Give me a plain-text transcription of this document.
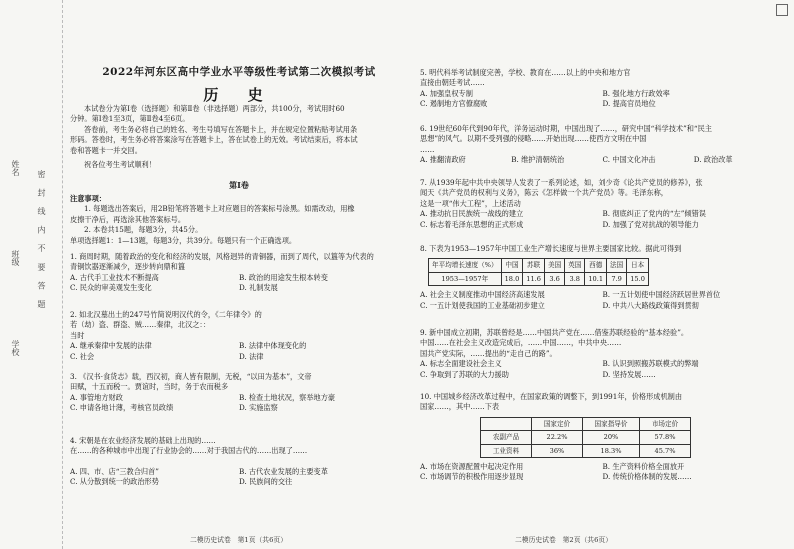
学校
班级
姓名
密 封 线 内 不 要 答 题
2022年河东区高中学业水平等级性考试第二次模拟考试
历 史
本试卷分为第Ⅰ卷（选择题）和第Ⅱ卷（非选择题）两部分，共100分，考试用时60
分钟。第Ⅰ卷1至3页，第Ⅱ卷4至6页。
答卷前，考生务必将自己的姓名、考生号填写在答题卡上，并在规定位置粘贴考试用条
形码。答卷时，考生务必将答案涂写在答题卡上，答在试卷上的无效。考试结束后，将本试
卷和答题卡一并交回。
祝各位考生考试顺利！
第Ⅰ卷
注意事项：
1. 每题选出答案后，用2B铅笔将答题卡上对应题目的答案标号涂黑。如需改动，用橡
皮擦干净后，再选涂其他答案标号。
2. 本卷共15题，每题3分，共45分。
单项选择题1：1—13题，每题3分，共39分。每题只有一个正确选项。
1. 商周时期，随着政治的变化和经济的发展，风格迥异的青铜器，而到了周代，以簋等为代表的
青铜饮器逐渐减少，逐步转向鼎和簋
A. 古代手工业技术不断提高	B. 政治的用途发生根本转变
C. 民众的审美观发生变化	D. 礼制发展
2. 如北汉墓出土的247号竹简说明汉代的令，《二年律令》的
若（劫）盗、群盗、贼……秦律，北汉之：：
当时
A. 继承秦律中发展的法律	B. 法律中体现变化的
C. 社会	D. 法律
3. 《汉书·食货志》载，西汉初，商人皆有限制，无税，“以田为基本”，文帝
田赋，十五而税一。贾谊时，当时，务于农而税多
A. 事管地方财政	B. 检查土地状况，察举地方豪
C. 申请各地计薄，考核官员政绩	D. 实施监察
4. 宋朝是在农业经济发展的基础上出现的……
在……的各种城市中出现了行业协会的……对于我国古代的……出现了……
A. 四、市、店“三教合归首”	B. 古代农业发展的主要变革
C. 从分散到统一的政治形势	D. 民族间的交往
二模历史试卷　第1页（共6页）
5. 明代科举考试制度完善，学校、教育在……以上的中央和地方官
直接由朝廷考试……
A. 加强皇权专制	B. 强化地方行政效率
C. 遏制地方官僚腐败	D. 提高官员地位
6. 19世纪60年代到90年代，洋务运动时期，中国出现了……，研究中国“科学技术”和“民主
思想”的风气。以期不受列强的侵略……开始出现……使西方文明在中国
……
A. 推翻清政府	B. 维护清朝统治	C. 中国文化冲击	D. 政治改革
7. 从1939年起中共中央领导人发表了一系列论述，如，刘少奇《论共产党员的修养》，张
闻天《共产党员的权利与义务》，陈云《怎样做一个共产党员》等。毛泽东称，
这是一项“伟大工程”，上述活动
A. 推动抗日民族统一战线的建立	B. 彻底纠正了党内的“左”倾错误
C. 标志着毛泽东思想的正式形成	D. 加强了党对抗战的领导能力
8. 下表为1953—1957年中国工业生产增长速度与世界主要国家比较。据此可得到
年平均增长速度（%）	中国	苏联	美国	英国	西德	法国	日本
1953—1957年	18.0	11.6	3.6	3.8	10.1	7.9	15.0
A. 社会主义制度推动中国经济高速发展	B. 一五计划使中国经济跃居世界首位
C. 一五计划使我国的工业基础初步建立	D. 中共八大路线政策得到贯彻
9. 新中国成立初期，苏联曾经是……中国共产党在……借鉴苏联经验的“基本经验”。
中国……在社会主义改造完成后，……中国……，中共中央……
国共产党实际，……提出的“走自己的路”。
A. 标志全面建设社会主义	B. 认识到照搬苏联模式的弊端
C. 争取到了苏联的大力援助	D. 坚持发展……
10. 中国城乡经济改革过程中，在国家政策的调整下，到1991年，价格形成机制由
国家……，其中……下表
	国家定价	国家指导价	市场定价
农副产品	22.2%	20%	57.8%
工业资料	36%	18.3%	45.7%
A. 市场在资源配置中起决定作用	B. 生产资料价格全面放开
C. 市场调节的积极作用逐步显现	D. 传统价格体制的发展……
二模历史试卷　第2页（共6页）
